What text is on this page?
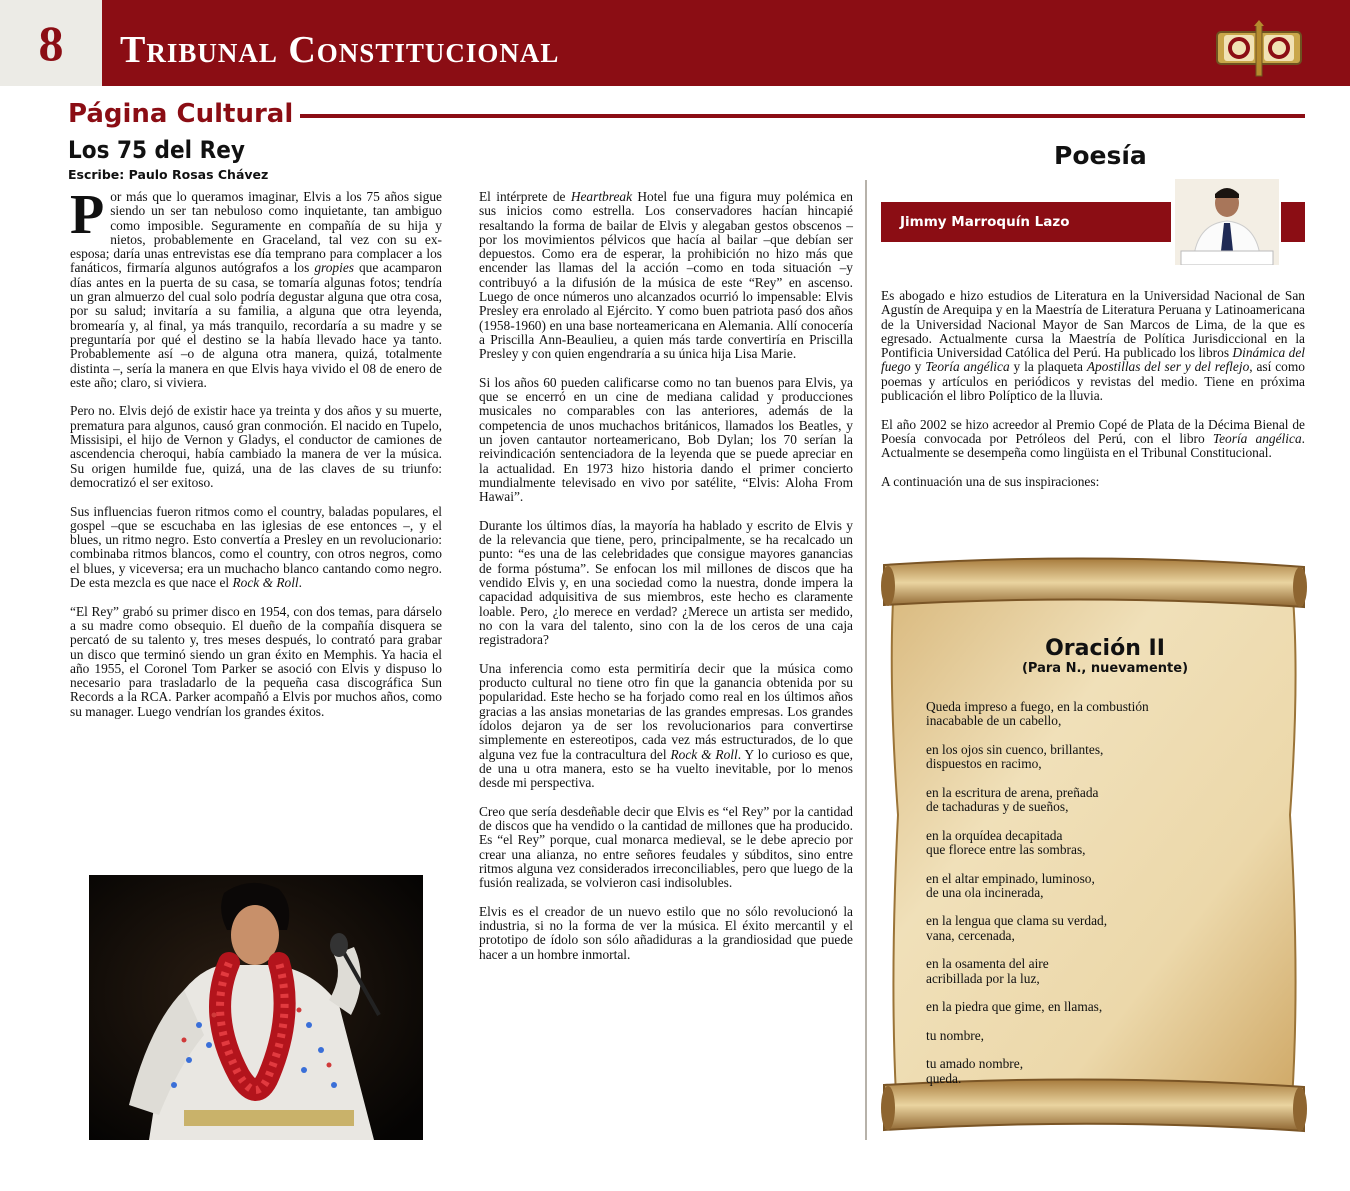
8	Tribunal Constitucional
Página Cultural
Los 75 del Rey
Escribe: Paulo Rosas Chávez

Por más que lo queramos imaginar, Elvis a los 75 años sigue siendo un ser tan nebuloso como inquietante, tan ambiguo como imposible. Seguramente en compañía de su hija y nietos, probablemente en Graceland, tal vez con su ex-esposa; daría unas entrevistas ese día temprano para complacer a los fanáticos, firmaría algunos autógrafos a los gropies que acamparon días antes en la puerta de su casa, se tomaría algunas fotos; tendría un gran almuerzo del cual solo podría degustar alguna que otra cosa, por su salud; invitaría a su familia, a alguna que otra leyenda, bromearía y, al final, ya más tranquilo, recordaría a su madre y se preguntaría por qué el destino se la había llevado hace ya tanto. Probablemente así –o de alguna otra manera, quizá, totalmente distinta –, sería la manera en que Elvis haya vivido el 08 de enero de este año; claro, si viviera.

Pero no. Elvis dejó de existir hace ya treinta y dos años y su muerte, prematura para algunos, causó gran conmoción. El nacido en Tupelo, Missisipi, el hijo de Vernon y Gladys, el conductor de camiones de ascendencia cheroqui, había cambiado la manera de ver la música. Su origen humilde fue, quizá, una de las claves de su triunfo: democratizó el ser exitoso.

Sus influencias fueron ritmos como el country, baladas populares, el gospel –que se escuchaba en las iglesias de ese entonces –, y el blues, un ritmo negro. Esto convertía a Presley en un revolucionario: combinaba ritmos blancos, como el country, con otros negros, como el blues, y viceversa; era un muchacho blanco cantando como negro. De esta mezcla es que nace el Rock & Roll.

“El Rey” grabó su primer disco en 1954, con dos temas, para dárselo a su madre como obsequio. El dueño de la compañía disquera se percató de su talento y, tres meses después, lo contrató para grabar un disco que terminó siendo un gran éxito en Memphis. Ya hacia el año 1955, el Coronel Tom Parker se asoció con Elvis y dispuso lo necesario para trasladarlo de la pequeña casa discográfica Sun Records a la RCA. Parker acompañó a Elvis por muchos años, como su manager. Luego vendrían los grandes éxitos.

El intérprete de Heartbreak Hotel fue una figura muy polémica en sus inicios como estrella. Los conservadores hacían hincapié resaltando la forma de bailar de Elvis y alegaban gestos obscenos –por los movimientos pélvicos que hacía al bailar –que debían ser depuestos. Como era de esperar, la prohibición no hizo más que encender las llamas del la acción –como en toda situación –y contribuyó a la difusión de la música de este “Rey” en ascenso. Luego de once números uno alcanzados ocurrió lo impensable: Elvis Presley era enrolado al Ejército. Y como buen patriota pasó dos años (1958-1960) en una base norteamericana en Alemania. Allí conocería a Priscilla Ann-Beaulieu, a quien más tarde convertiría en Priscilla Presley y con quien engendraría a su única hija Lisa Marie.

Si los años 60 pueden calificarse como no tan buenos para Elvis, ya que se encerró en un cine de mediana calidad y producciones musicales no comparables con las anteriores, además de la competencia de unos muchachos británicos, llamados los Beatles, y un joven cantautor norteamericano, Bob Dylan; los 70 serían la reivindicación sentenciadora de la leyenda que se puede apreciar en la actualidad. En 1973 hizo historia dando el primer concierto mundialmente televisado en vivo por satélite, “Elvis: Aloha From Hawai”.

Durante los últimos días, la mayoría ha hablado y escrito de Elvis y de la relevancia que tiene, pero, principalmente, se ha recalcado un punto: “es una de las celebridades que consigue mayores ganancias de forma póstuma”. Se enfocan los mil millones de discos que ha vendido Elvis y, en una sociedad como la nuestra, donde impera la capacidad adquisitiva de sus miembros, este hecho es claramente loable. Pero, ¿lo merece en verdad? ¿Merece un artista ser medido, no con la vara del talento, sino con la de los ceros de una caja registradora?

Una inferencia como esta permitiría decir que la música como producto cultural no tiene otro fin que la ganancia obtenida por su popularidad. Este hecho se ha forjado como real en los últimos años gracias a las ansias monetarias de las grandes empresas. Los grandes ídolos dejaron ya de ser los revolucionarios para convertirse simplemente en estereotipos, cada vez más estructurados, de lo que alguna vez fue la contracultura del Rock & Roll. Y lo curioso es que, de una u otra manera, esto se ha vuelto inevitable, por lo menos desde mi perspectiva.

Creo que sería desdeñable decir que Elvis es “el Rey” por la cantidad de discos que ha vendido o la cantidad de millones que ha producido. Es “el Rey” porque, cual monarca medieval, se le debe aprecio por crear una alianza, no entre señores feudales y súbditos, sino entre ritmos alguna vez considerados irreconciliables, pero que luego de la fusión realizada, se volvieron casi indisolubles.

Elvis es el creador de un nuevo estilo que no sólo revolucionó la industria, si no la forma de ver la música. El éxito mercantil y el prototipo de ídolo son sólo añadiduras a la grandiosidad que puede hacer a un hombre inmortal.

Poesía
Jimmy Marroquín Lazo

Es abogado e hizo estudios de Literatura en la Universidad Nacional de San Agustín de Arequipa y en la Maestría de Literatura Peruana y Latinoamericana de la Universidad Nacional Mayor de San Marcos de Lima, de la que es egresado. Actualmente cursa la Maestría de Política Jurisdiccional en la Pontificia Universidad Católica del Perú. Ha publicado los libros Dinámica del fuego y Teoría angélica y la plaqueta Apostillas del ser y del reflejo, así como poemas y artículos en periódicos y revistas del medio. Tiene en próxima publicación el libro Políptico de la lluvia.

El año 2002 se hizo acreedor al Premio Copé de Plata de la Décima Bienal de Poesía convocada por Petróleos del Perú, con el libro Teoría angélica. Actualmente se desempeña como lingüista en el Tribunal Constitucional.

A continuación una de sus inspiraciones:

Oración II
(Para N., nuevamente)
Queda impreso a fuego, en la combustión
inacabable de un cabello,
en los ojos sin cuenco, brillantes,
dispuestos en racimo,
en la escritura de arena, preñada
de tachaduras y de sueños,
en la orquídea decapitada
que florece entre las sombras,
en el altar empinado, luminoso,
de una ola incinerada,
en la lengua que clama su verdad,
vana, cercenada,
en la osamenta del aire
acribillada por la luz,
en la piedra que gime, en llamas,
tu nombre,
tu amado nombre,
queda.
